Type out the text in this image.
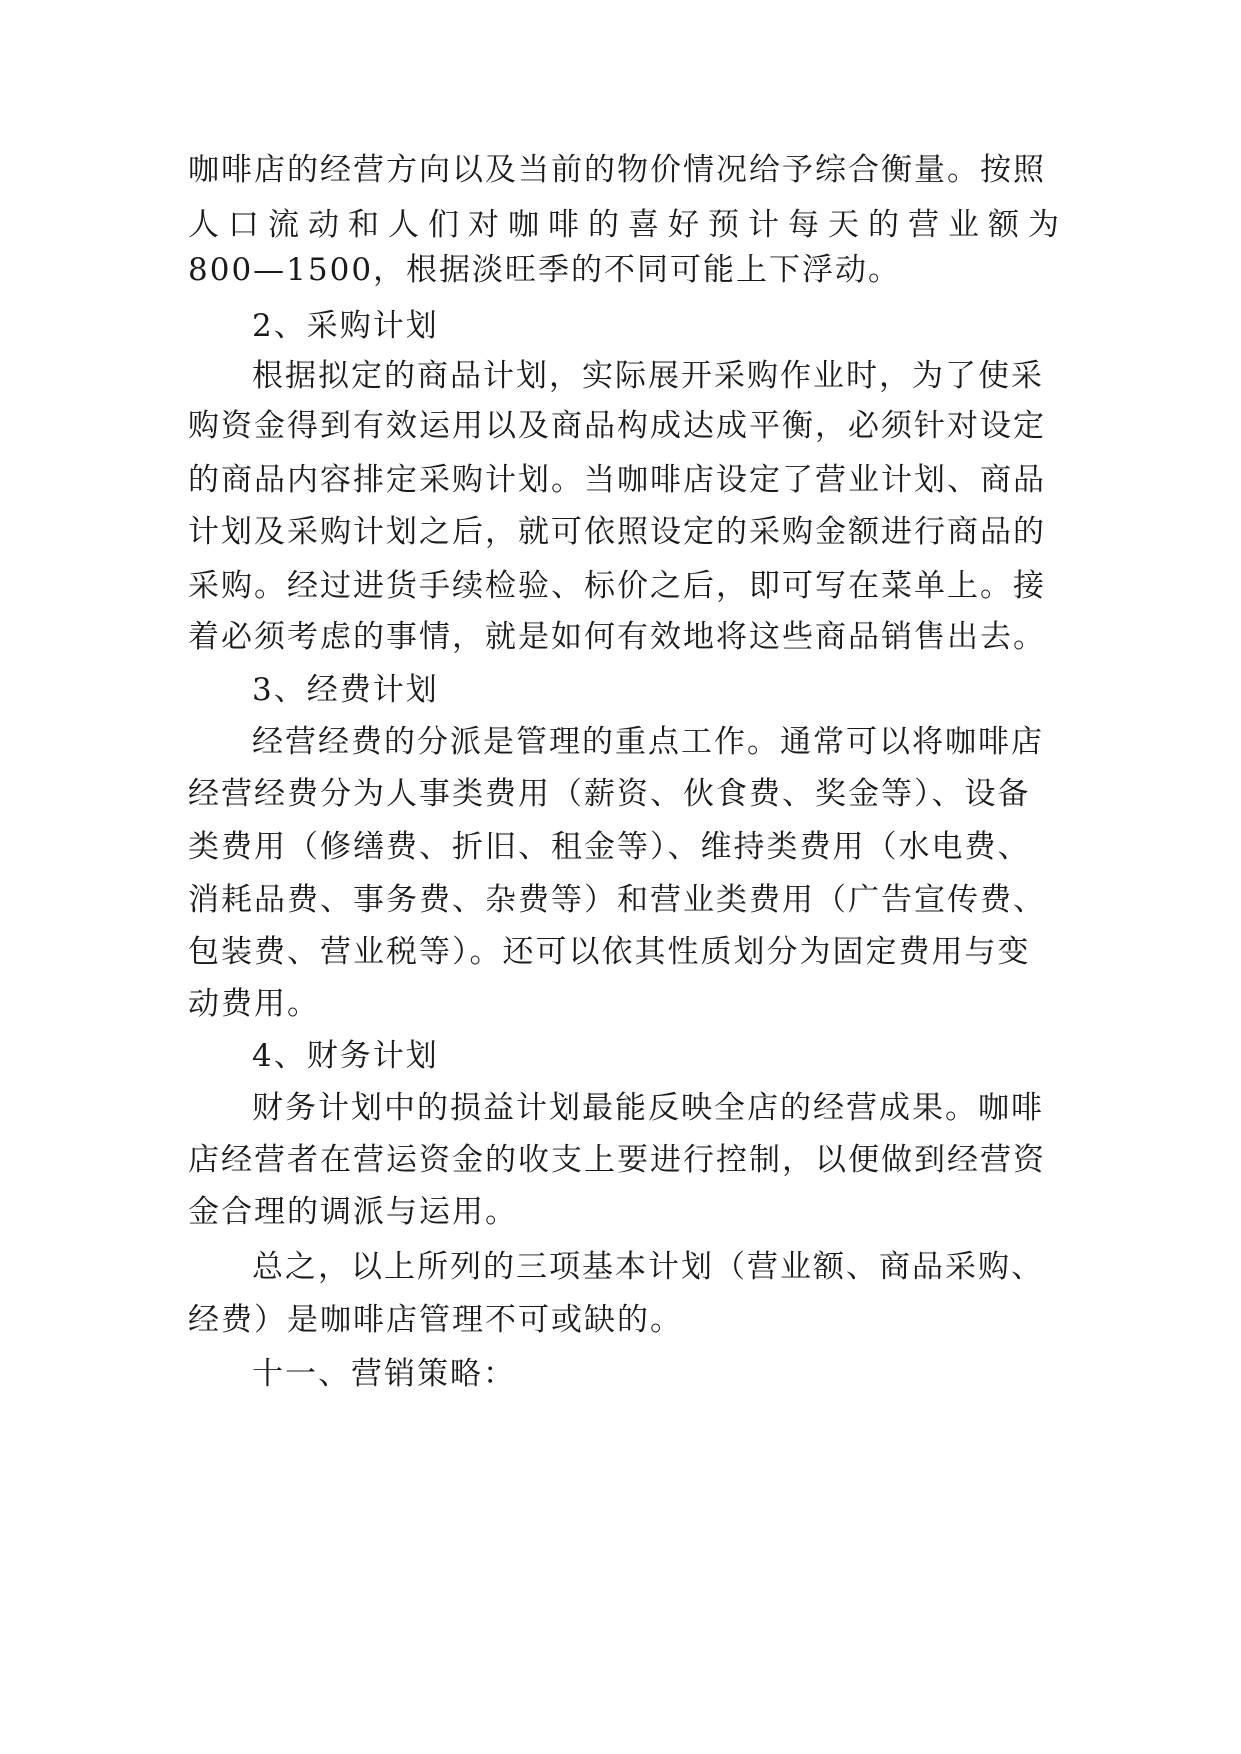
咖啡店的经营方向以及当前的物价情况给予综合衡量。按照
人口流动和人们对咖啡的喜好预计每天的营业额为
800—1500，根据淡旺季的不同可能上下浮动。
2、采购计划
根据拟定的商品计划，实际展开采购作业时，为了使采
购资金得到有效运用以及商品构成达成平衡，必须针对设定
的商品内容排定采购计划。当咖啡店设定了营业计划、商品
计划及采购计划之后，就可依照设定的采购金额进行商品的
采购。经过进货手续检验、标价之后，即可写在菜单上。接
着必须考虑的事情，就是如何有效地将这些商品销售出去。
3、经费计划
经营经费的分派是管理的重点工作。通常可以将咖啡店
经营经费分为人事类费用（薪资、伙食费、奖金等）、设备
类费用（修缮费、折旧、租金等）、维持类费用（水电费、
消耗品费、事务费、杂费等）和营业类费用（广告宣传费、
包装费、营业税等）。还可以依其性质划分为固定费用与变
动费用。
4、财务计划
财务计划中的损益计划最能反映全店的经营成果。咖啡
店经营者在营运资金的收支上要进行控制，以便做到经营资
金合理的调派与运用。
总之，以上所列的三项基本计划（营业额、商品采购、
经费）是咖啡店管理不可或缺的。
十一、营销策略：
